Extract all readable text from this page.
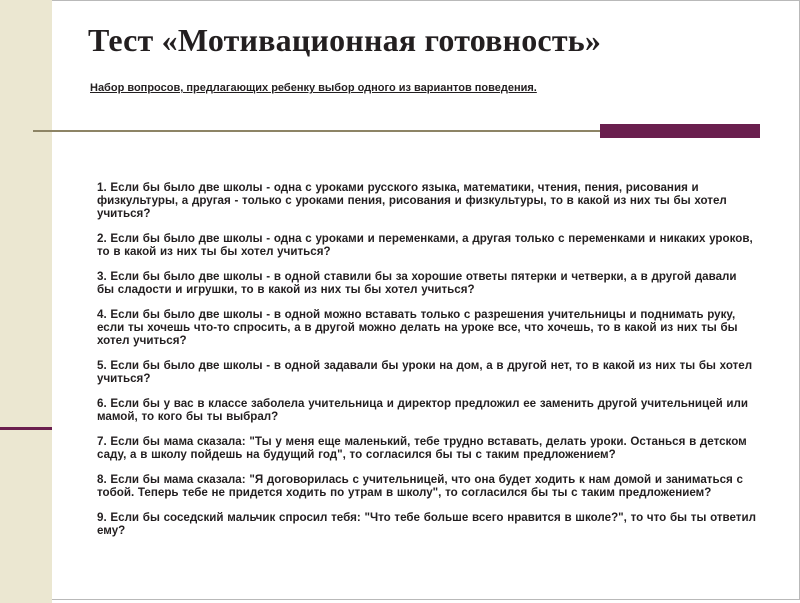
Тест «Мотивационная готовность»
Набор вопросов, предлагающих ребенку выбор одного из вариантов поведения.

1. Если бы было две школы - одна с уроками русского языка, математики, чтения, пения, рисования и физкультуры, а другая - только с уроками пения, рисования и физкультуры, то в какой из них ты бы хотел учиться?

2. Если бы было две школы - одна с уроками и переменками, а другая только с переменками и никаких уроков, то в какой из них ты бы хотел учиться?

3. Если бы было две школы - в одной ставили бы за хорошие ответы пятерки и четверки, а в другой давали бы сладости и игрушки, то в какой из них ты бы хотел учиться?

4. Если бы было две школы - в одной можно вставать только с разрешения учительницы и поднимать руку, если ты хочешь что-то спросить, а в другой можно делать на уроке все, что хочешь, то в какой из них ты бы хотел учиться?

5. Если бы было две школы - в одной задавали бы уроки на дом, а в другой нет, то в какой из них ты бы хотел учиться?

6. Если бы у вас в классе заболела учительница и директор предложил ее заменить другой учительницей или мамой, то кого бы ты выбрал?

7. Если бы мама сказала: "Ты у меня еще маленький, тебе трудно вставать, делать уроки. Останься в детском саду, а в школу пойдешь на будущий год", то согласился бы ты с таким предложением?

8. Если бы мама сказала: "Я договорилась с учительницей, что она будет ходить к нам домой и заниматься с тобой. Теперь тебе не придется ходить по утрам в школу", то согласился бы ты с таким предложением?

9. Если бы соседский мальчик спросил тебя: "Что тебе больше всего нравится в школе?", то что бы ты ответил ему?
